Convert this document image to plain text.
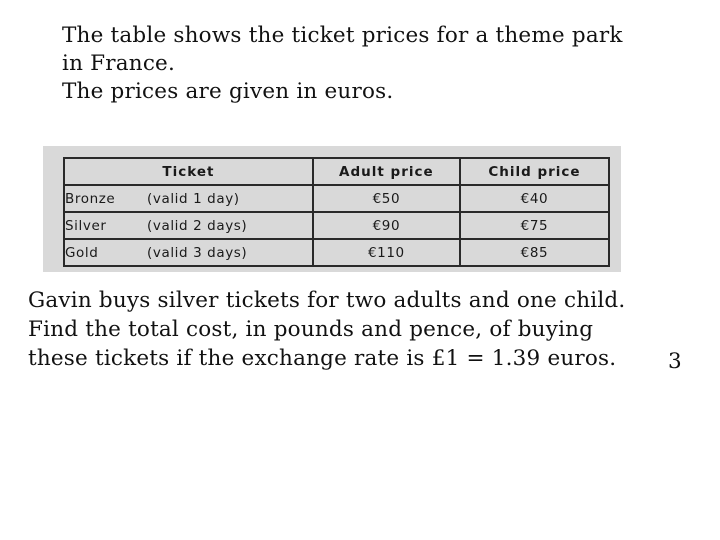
The table shows the ticket prices for a theme park
in France.
The prices are given in euros.
Ticket	Adult price	Child price
Bronze (valid 1 day)	€50	€40
Silver (valid 2 days)	€90	€75
Gold (valid 3 days)	€110	€85
Gavin buys silver tickets for two adults and one child.
Find the total cost, in pounds and pence, of buying
these tickets if the exchange rate is £1 = 1.39 euros.	3
